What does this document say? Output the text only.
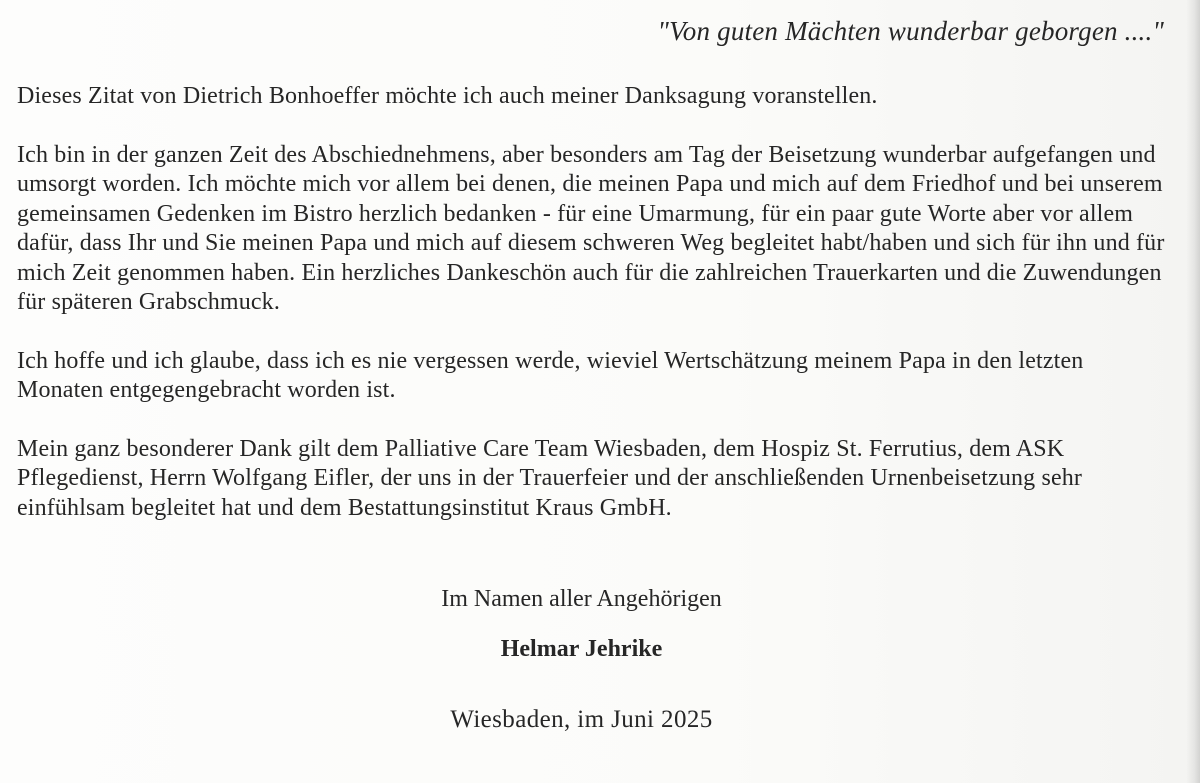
"Von guten Mächten wunderbar geborgen ...."

Dieses Zitat von Dietrich Bonhoeffer möchte ich auch meiner Danksagung voranstellen.

Ich bin in der ganzen Zeit des Abschiednehmens, aber besonders am Tag der Beisetzung wunderbar aufgefangen und umsorgt worden. Ich möchte mich vor allem bei denen, die meinen Papa und mich auf dem Friedhof und bei unserem gemeinsamen Gedenken im Bistro herzlich bedanken - für eine Umarmung, für ein paar gute Worte aber vor allem dafür, dass Ihr und Sie meinen Papa und mich auf diesem schweren Weg begleitet habt/haben und sich für ihn und für mich Zeit genommen haben. Ein herzliches Dankeschön auch für die zahlreichen Trauerkarten und die Zuwendungen für späteren Grabschmuck.

Ich hoffe und ich glaube, dass ich es nie vergessen werde, wieviel Wertschätzung meinem Papa in den letzten Monaten entgegengebracht worden ist.

Mein ganz besonderer Dank gilt dem Palliative Care Team Wiesbaden, dem Hospiz St. Ferrutius, dem ASK Pflegedienst, Herrn Wolfgang Eifler, der uns in der Trauerfeier und der anschließenden Urnenbeisetzung sehr einfühlsam begleitet hat und dem Bestattungsinstitut Kraus GmbH.

Im Namen aller Angehörigen
Helmar Jehrike
Wiesbaden, im Juni 2025
